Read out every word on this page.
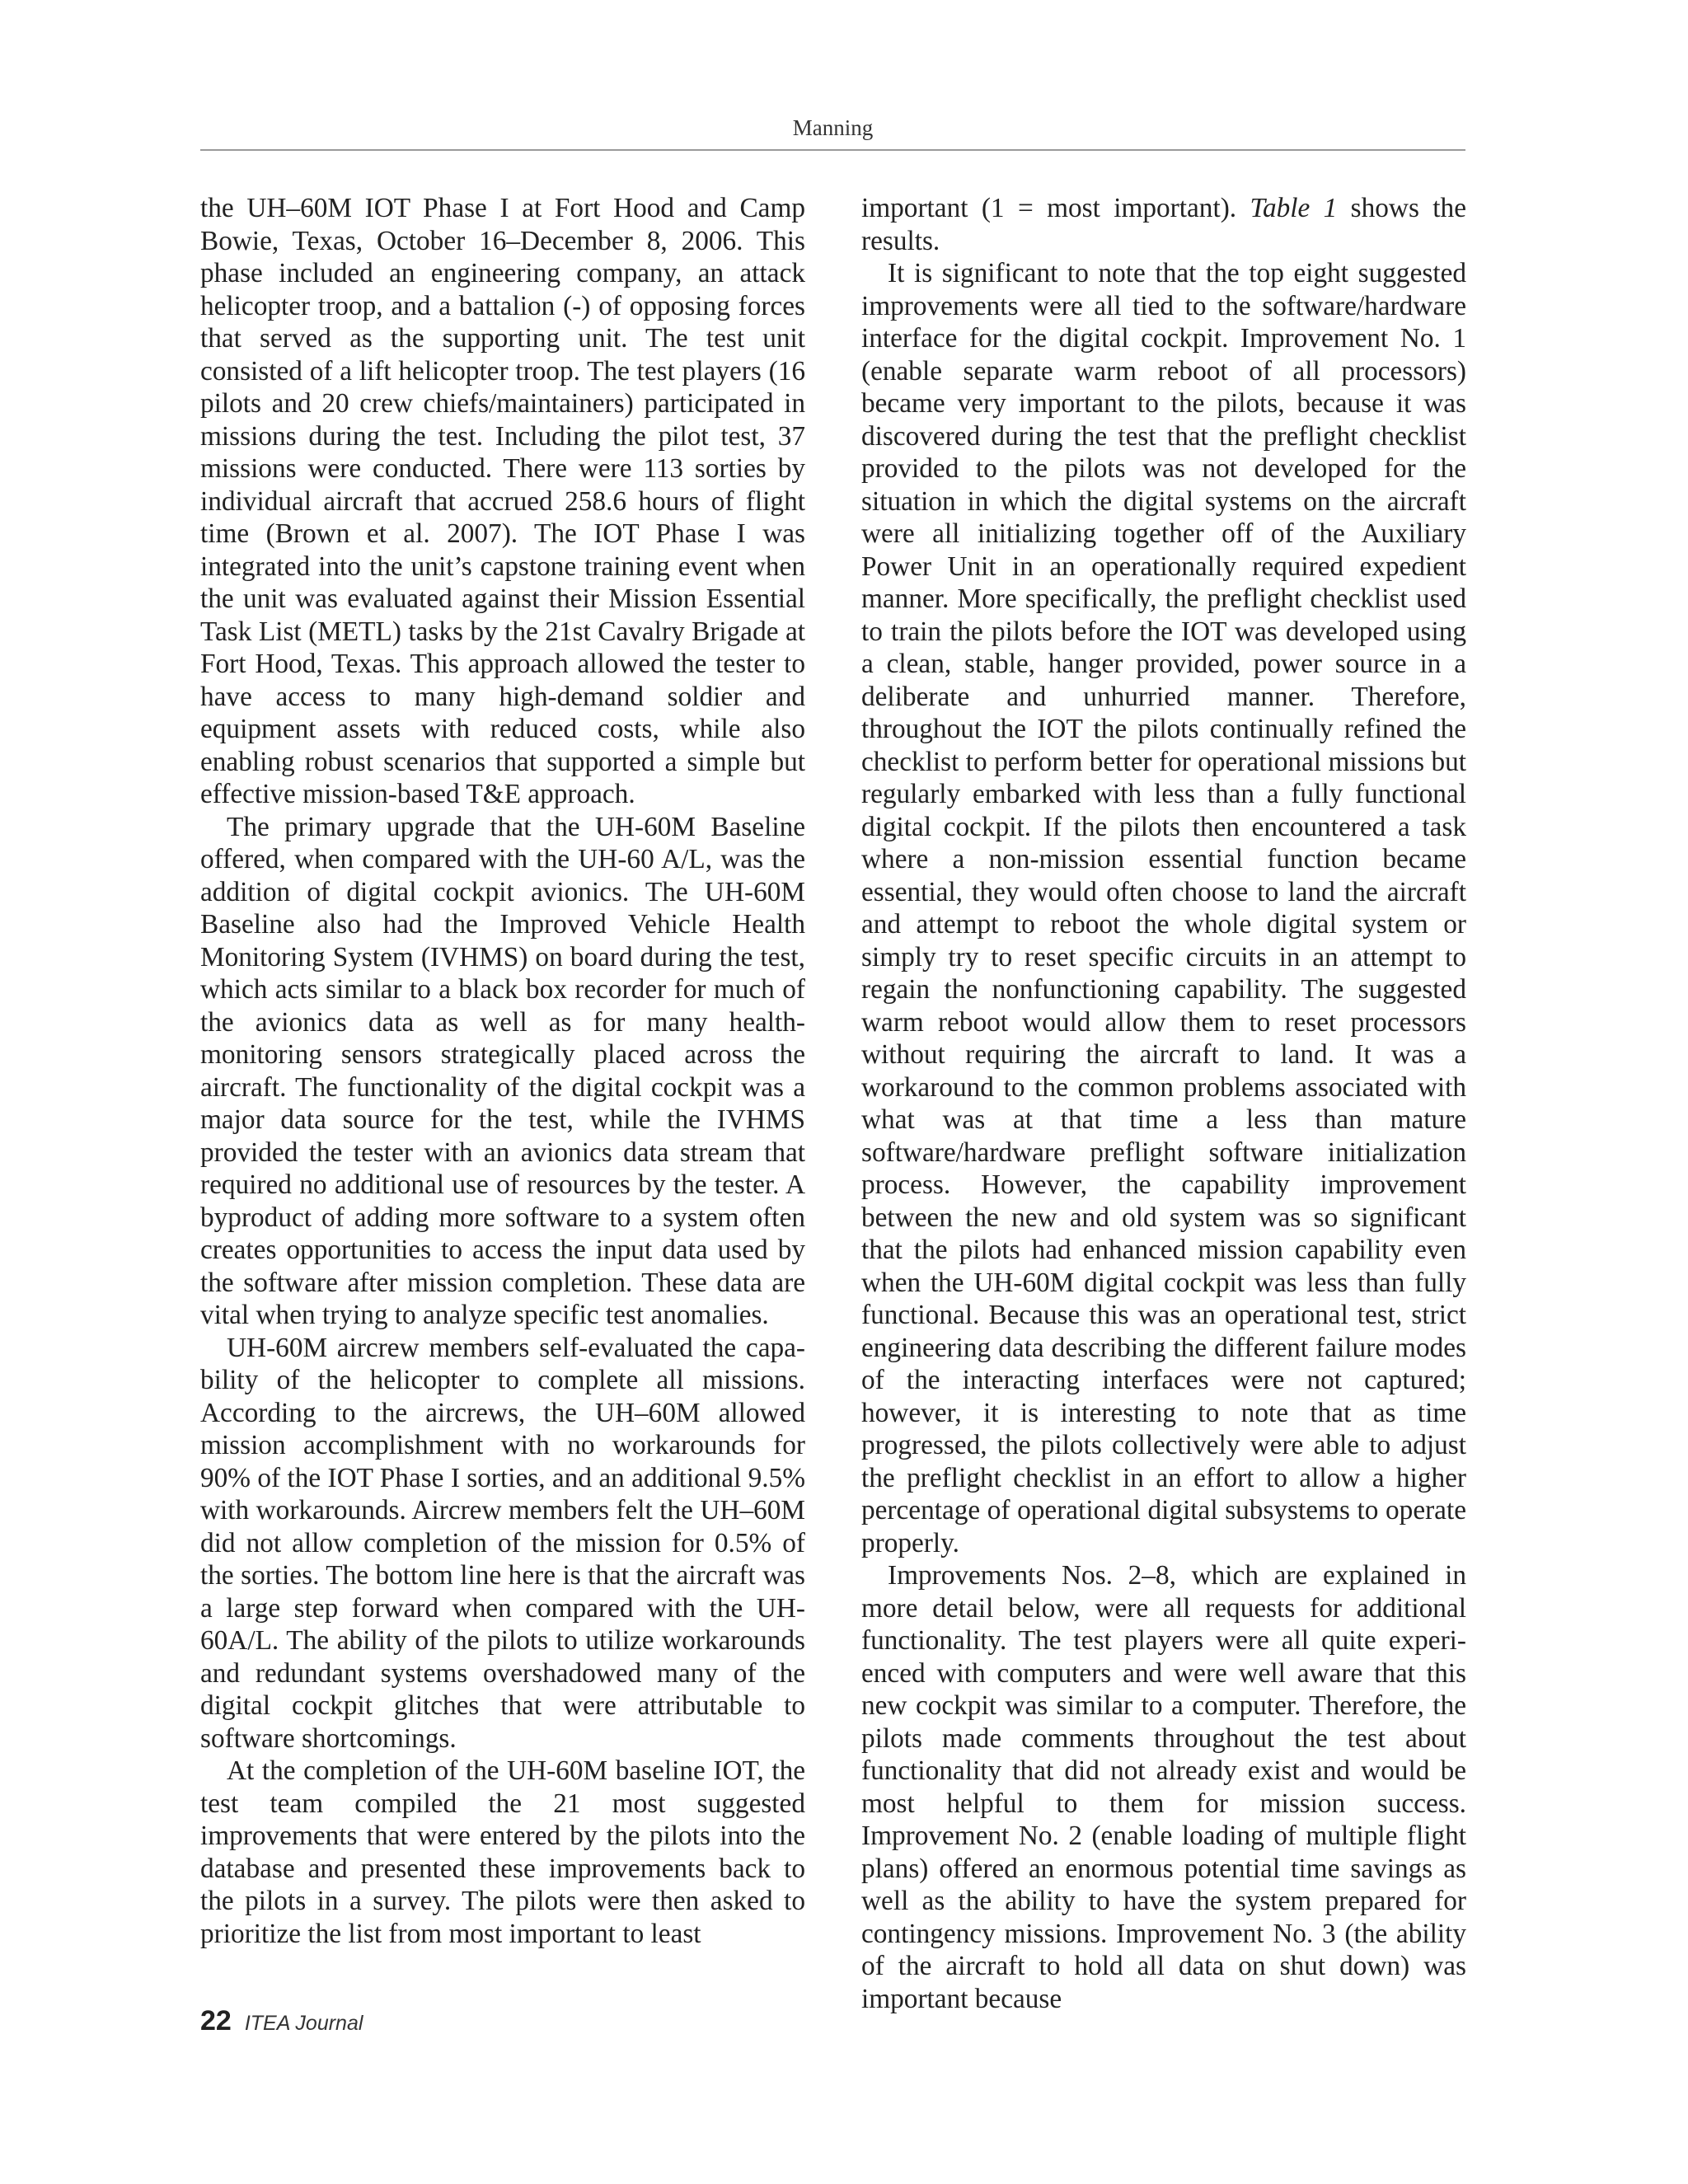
Manning

the UH–60M IOT Phase I at Fort Hood and Camp Bowie, Texas, October 16–December 8, 2006. This phase included an engineering company, an attack helicopter troop, and a battalion (-) of opposing forces that served as the supporting unit. The test unit consisted of a lift helicopter troop. The test players (16 pilots and 20 crew chiefs/maintainers) participated in missions during the test. Including the pilot test, 37 missions were conducted. There were 113 sorties by individual aircraft that accrued 258.6 hours of flight time (Brown et al. 2007). The IOT Phase I was integrated into the unit’s capstone training event when the unit was evaluated against their Mission Essential Task List (METL) tasks by the 21st Cavalry Brigade at Fort Hood, Texas. This approach allowed the tester to have access to many high-demand soldier and equipment assets with reduced costs, while also enabling robust scenarios that supported a simple but effective mission-based T&E approach.

The primary upgrade that the UH-60M Baseline offered, when compared with the UH-60 A/L, was the addition of digital cockpit avionics. The UH-60M Baseline also had the Improved Vehicle Health Monitoring System (IVHMS) on board during the test, which acts similar to a black box recorder for much of the avionics data as well as for many health-monitoring sensors strategically placed across the aircraft. The functionality of the digital cockpit was a major data source for the test, while the IVHMS provided the tester with an avionics data stream that required no additional use of resources by the tester. A byproduct of adding more software to a system often creates opportunities to access the input data used by the software after mission completion. These data are vital when trying to analyze specific test anomalies.

UH-60M aircrew members self-evaluated the capability of the helicopter to complete all missions. According to the aircrews, the UH–60M allowed mission accomplishment with no workarounds for 90% of the IOT Phase I sorties, and an additional 9.5% with workarounds. Aircrew members felt the UH–60M did not allow completion of the mission for 0.5% of the sorties. The bottom line here is that the aircraft was a large step forward when compared with the UH-60A/L. The ability of the pilots to utilize workarounds and redundant systems overshadowed many of the digital cockpit glitches that were attributable to software shortcomings.

At the completion of the UH-60M baseline IOT, the test team compiled the 21 most suggested improvements that were entered by the pilots into the database and presented these improvements back to the pilots in a survey. The pilots were then asked to prioritize the list from most important to least

important (1 = most important). Table 1 shows the results.

It is significant to note that the top eight suggested improvements were all tied to the software/hardware interface for the digital cockpit. Improvement No. 1 (enable separate warm reboot of all processors) became very important to the pilots, because it was discovered during the test that the preflight checklist provided to the pilots was not developed for the situation in which the digital systems on the aircraft were all initializing together off of the Auxiliary Power Unit in an operationally required expedient manner. More specifically, the preflight checklist used to train the pilots before the IOT was developed using a clean, stable, hanger provided, power source in a deliberate and unhurried manner. Therefore, throughout the IOT the pilots continually refined the checklist to perform better for operational missions but regularly embarked with less than a fully functional digital cockpit. If the pilots then encountered a task where a non-mission essential function became essential, they would often choose to land the aircraft and attempt to reboot the whole digital system or simply try to reset specific circuits in an attempt to regain the nonfunctioning capability. The suggested warm reboot would allow them to reset processors without requiring the aircraft to land. It was a workaround to the common problems associated with what was at that time a less than mature software/hardware preflight software initialization process. However, the capability improvement between the new and old system was so significant that the pilots had enhanced mission capability even when the UH-60M digital cockpit was less than fully functional. Because this was an operational test, strict engineering data describing the different failure modes of the interacting interfaces were not captured; however, it is interesting to note that as time progressed, the pilots collectively were able to adjust the preflight checklist in an effort to allow a higher percentage of operational digital subsystems to operate properly.

Improvements Nos. 2–8, which are explained in more detail below, were all requests for additional functionality. The test players were all quite experienced with computers and were well aware that this new cockpit was similar to a computer. Therefore, the pilots made comments throughout the test about functionality that did not already exist and would be most helpful to them for mission success. Improvement No. 2 (enable loading of multiple flight plans) offered an enormous potential time savings as well as the ability to have the system prepared for contingency missions. Improvement No. 3 (the ability of the aircraft to hold all data on shut down) was important because

22 ITEA Journal
